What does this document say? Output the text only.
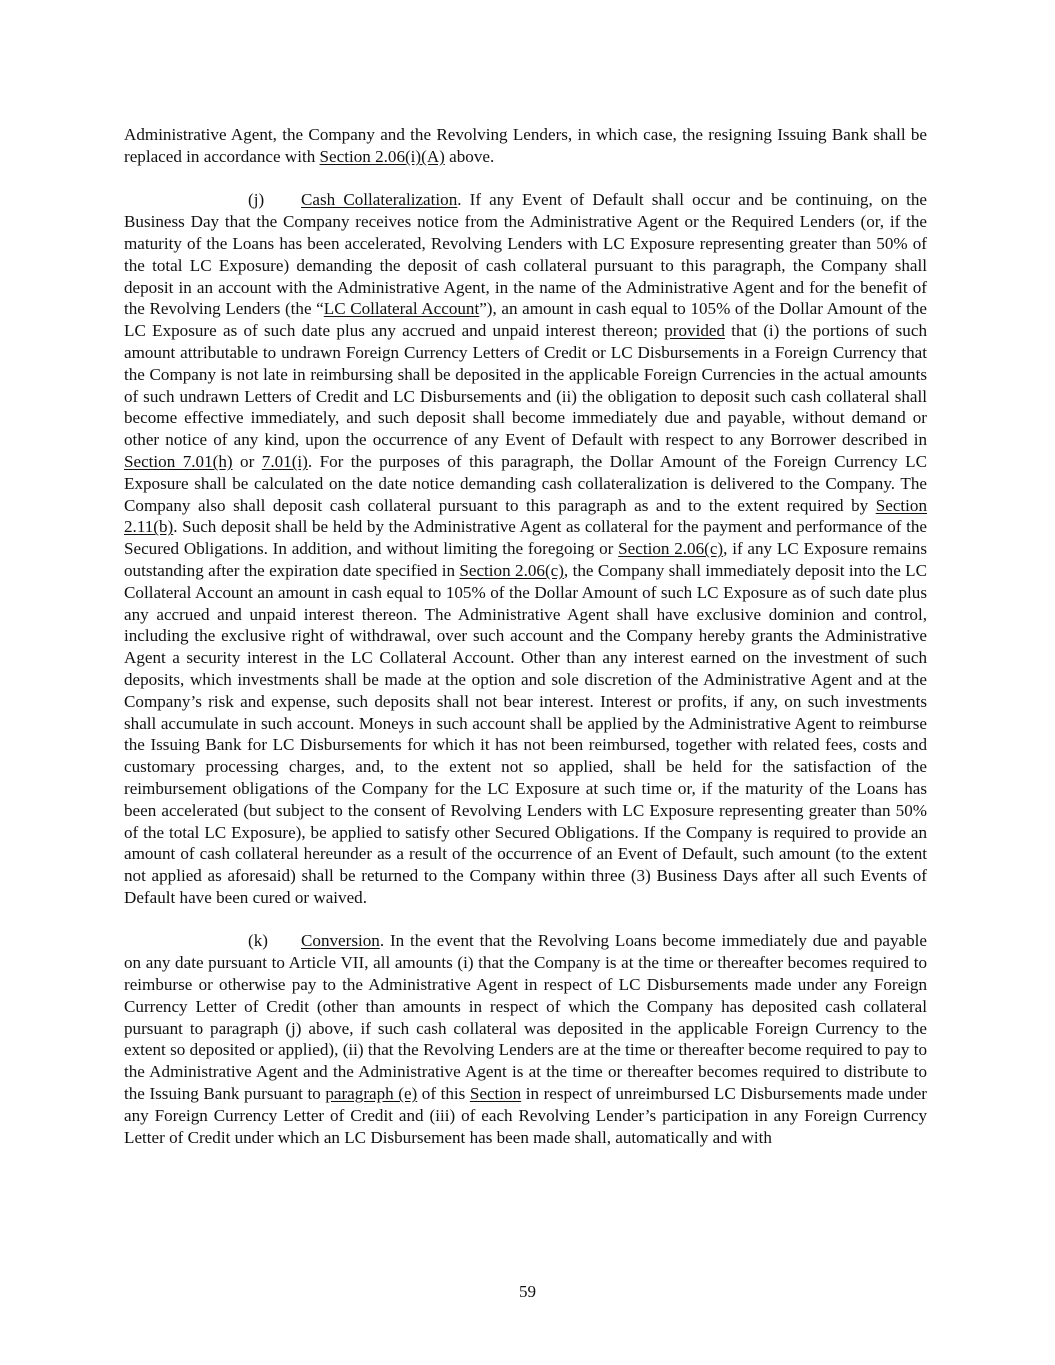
Administrative Agent, the Company and the Revolving Lenders, in which case, the resigning Issuing Bank shall be replaced in accordance with Section 2.06(i)(A) above.

(j) Cash Collateralization. If any Event of Default shall occur and be continuing, on the Business Day that the Company receives notice from the Administrative Agent or the Required Lenders (or, if the maturity of the Loans has been accelerated, Revolving Lenders with LC Exposure representing greater than 50% of the total LC Exposure) demanding the deposit of cash collateral pursuant to this paragraph, the Company shall deposit in an account with the Administrative Agent, in the name of the Administrative Agent and for the benefit of the Revolving Lenders (the “LC Collateral Account”), an amount in cash equal to 105% of the Dollar Amount of the LC Exposure as of such date plus any accrued and unpaid interest thereon; provided that (i) the portions of such amount attributable to undrawn Foreign Currency Letters of Credit or LC Disbursements in a Foreign Currency that the Company is not late in reimbursing shall be deposited in the applicable Foreign Currencies in the actual amounts of such undrawn Letters of Credit and LC Disbursements and (ii) the obligation to deposit such cash collateral shall become effective immediately, and such deposit shall become immediately due and payable, without demand or other notice of any kind, upon the occurrence of any Event of Default with respect to any Borrower described in Section 7.01(h) or 7.01(i). For the purposes of this paragraph, the Dollar Amount of the Foreign Currency LC Exposure shall be calculated on the date notice demanding cash collateralization is delivered to the Company. The Company also shall deposit cash collateral pursuant to this paragraph as and to the extent required by Section 2.11(b). Such deposit shall be held by the Administrative Agent as collateral for the payment and performance of the Secured Obligations. In addition, and without limiting the foregoing or Section 2.06(c), if any LC Exposure remains outstanding after the expiration date specified in Section 2.06(c), the Company shall immediately deposit into the LC Collateral Account an amount in cash equal to 105% of the Dollar Amount of such LC Exposure as of such date plus any accrued and unpaid interest thereon. The Administrative Agent shall have exclusive dominion and control, including the exclusive right of withdrawal, over such account and the Company hereby grants the Administrative Agent a security interest in the LC Collateral Account. Other than any interest earned on the investment of such deposits, which investments shall be made at the option and sole discretion of the Administrative Agent and at the Company’s risk and expense, such deposits shall not bear interest. Interest or profits, if any, on such investments shall accumulate in such account. Moneys in such account shall be applied by the Administrative Agent to reimburse the Issuing Bank for LC Disbursements for which it has not been reimbursed, together with related fees, costs and customary processing charges, and, to the extent not so applied, shall be held for the satisfaction of the reimbursement obligations of the Company for the LC Exposure at such time or, if the maturity of the Loans has been accelerated (but subject to the consent of Revolving Lenders with LC Exposure representing greater than 50% of the total LC Exposure), be applied to satisfy other Secured Obligations. If the Company is required to provide an amount of cash collateral hereunder as a result of the occurrence of an Event of Default, such amount (to the extent not applied as aforesaid) shall be returned to the Company within three (3) Business Days after all such Events of Default have been cured or waived.

(k) Conversion. In the event that the Revolving Loans become immediately due and payable on any date pursuant to Article VII, all amounts (i) that the Company is at the time or thereafter becomes required to reimburse or otherwise pay to the Administrative Agent in respect of LC Disbursements made under any Foreign Currency Letter of Credit (other than amounts in respect of which the Company has deposited cash collateral pursuant to paragraph (j) above, if such cash collateral was deposited in the applicable Foreign Currency to the extent so deposited or applied), (ii) that the Revolving Lenders are at the time or thereafter become required to pay to the Administrative Agent and the Administrative Agent is at the time or thereafter becomes required to distribute to the Issuing Bank pursuant to paragraph (e) of this Section in respect of unreimbursed LC Disbursements made under any Foreign Currency Letter of Credit and (iii) of each Revolving Lender’s participation in any Foreign Currency Letter of Credit under which an LC Disbursement has been made shall, automatically and with

59
